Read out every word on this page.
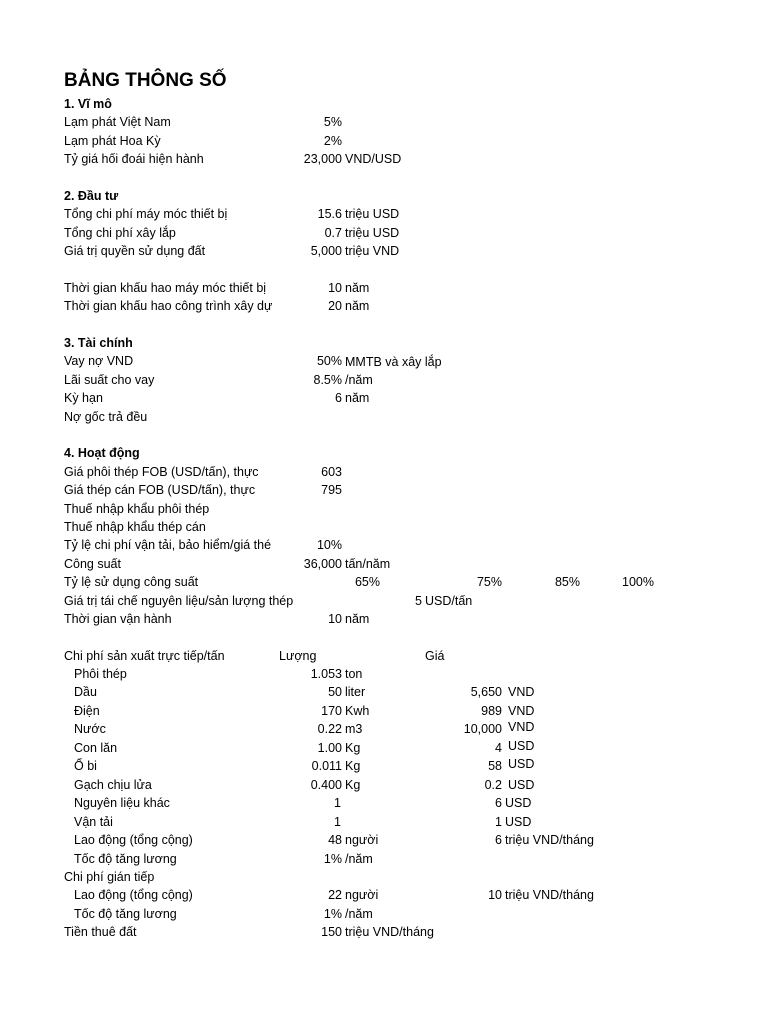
BẢNG THÔNG SỐ
1. Vĩ mô
Lạm phát Việt Nam	5%
Lạm phát Hoa Kỳ	2%
Tỷ giá hối đoái hiện hành	23,000 VND/USD
2. Đầu tư
Tổng chi phí máy móc thiết bị	15.6 triệu USD
Tổng chi phí xây lắp	0.7 triệu USD
Giá trị quyền sử dụng đất	5,000 triệu VND
Thời gian khấu hao máy móc thiết bị	10 năm
Thời gian khấu hao công trình xây dự	20 năm
3. Tài chính
Vay nợ VND	50% MMTB và xây lắp
Lãi suất cho vay	8.5% /năm
Kỳ hạn	6 năm
Nợ gốc trả đều
4. Hoạt động
Giá phôi thép FOB (USD/tấn), thực	603
Giá thép cán FOB (USD/tấn), thực	795
Thuế nhập khẩu phôi thép
Thuế nhập khẩu thép cán
Tỷ lệ chi phí vận tải, bảo hiểm/giá thé	10%
Công suất	36,000 tấn/năm
Tỷ lệ sử dụng công suất	65%	75%	85%	100%
Giá trị tái chế nguyên liệu/sản lượng thép	5 USD/tấn
Thời gian vận hành	10 năm
Chi phí sản xuất trực tiếp/tấn	Lượng	Giá
Phôi thép	1.053 ton
Dầu	50 liter	5,650 VND
Điện	170 Kwh	989 VND
Nước	0.22 m3	10,000 VND
Con lăn	1.00 Kg	4 USD
Ổ bi	0.011 Kg	58 USD
Gạch chịu lửa	0.400 Kg	0.2 USD
Nguyên liệu khác	1	6 USD
Vận tải	1	1 USD
Lao động (tổng cộng)	48 người	6 triệu VND/tháng
Tốc độ tăng lương	1% /năm
Chi phí gián tiếp
Lao động (tổng cộng)	22 người	10 triệu VND/tháng
Tốc độ tăng lương	1% /năm
Tiền thuê đất	150 triệu VND/tháng
